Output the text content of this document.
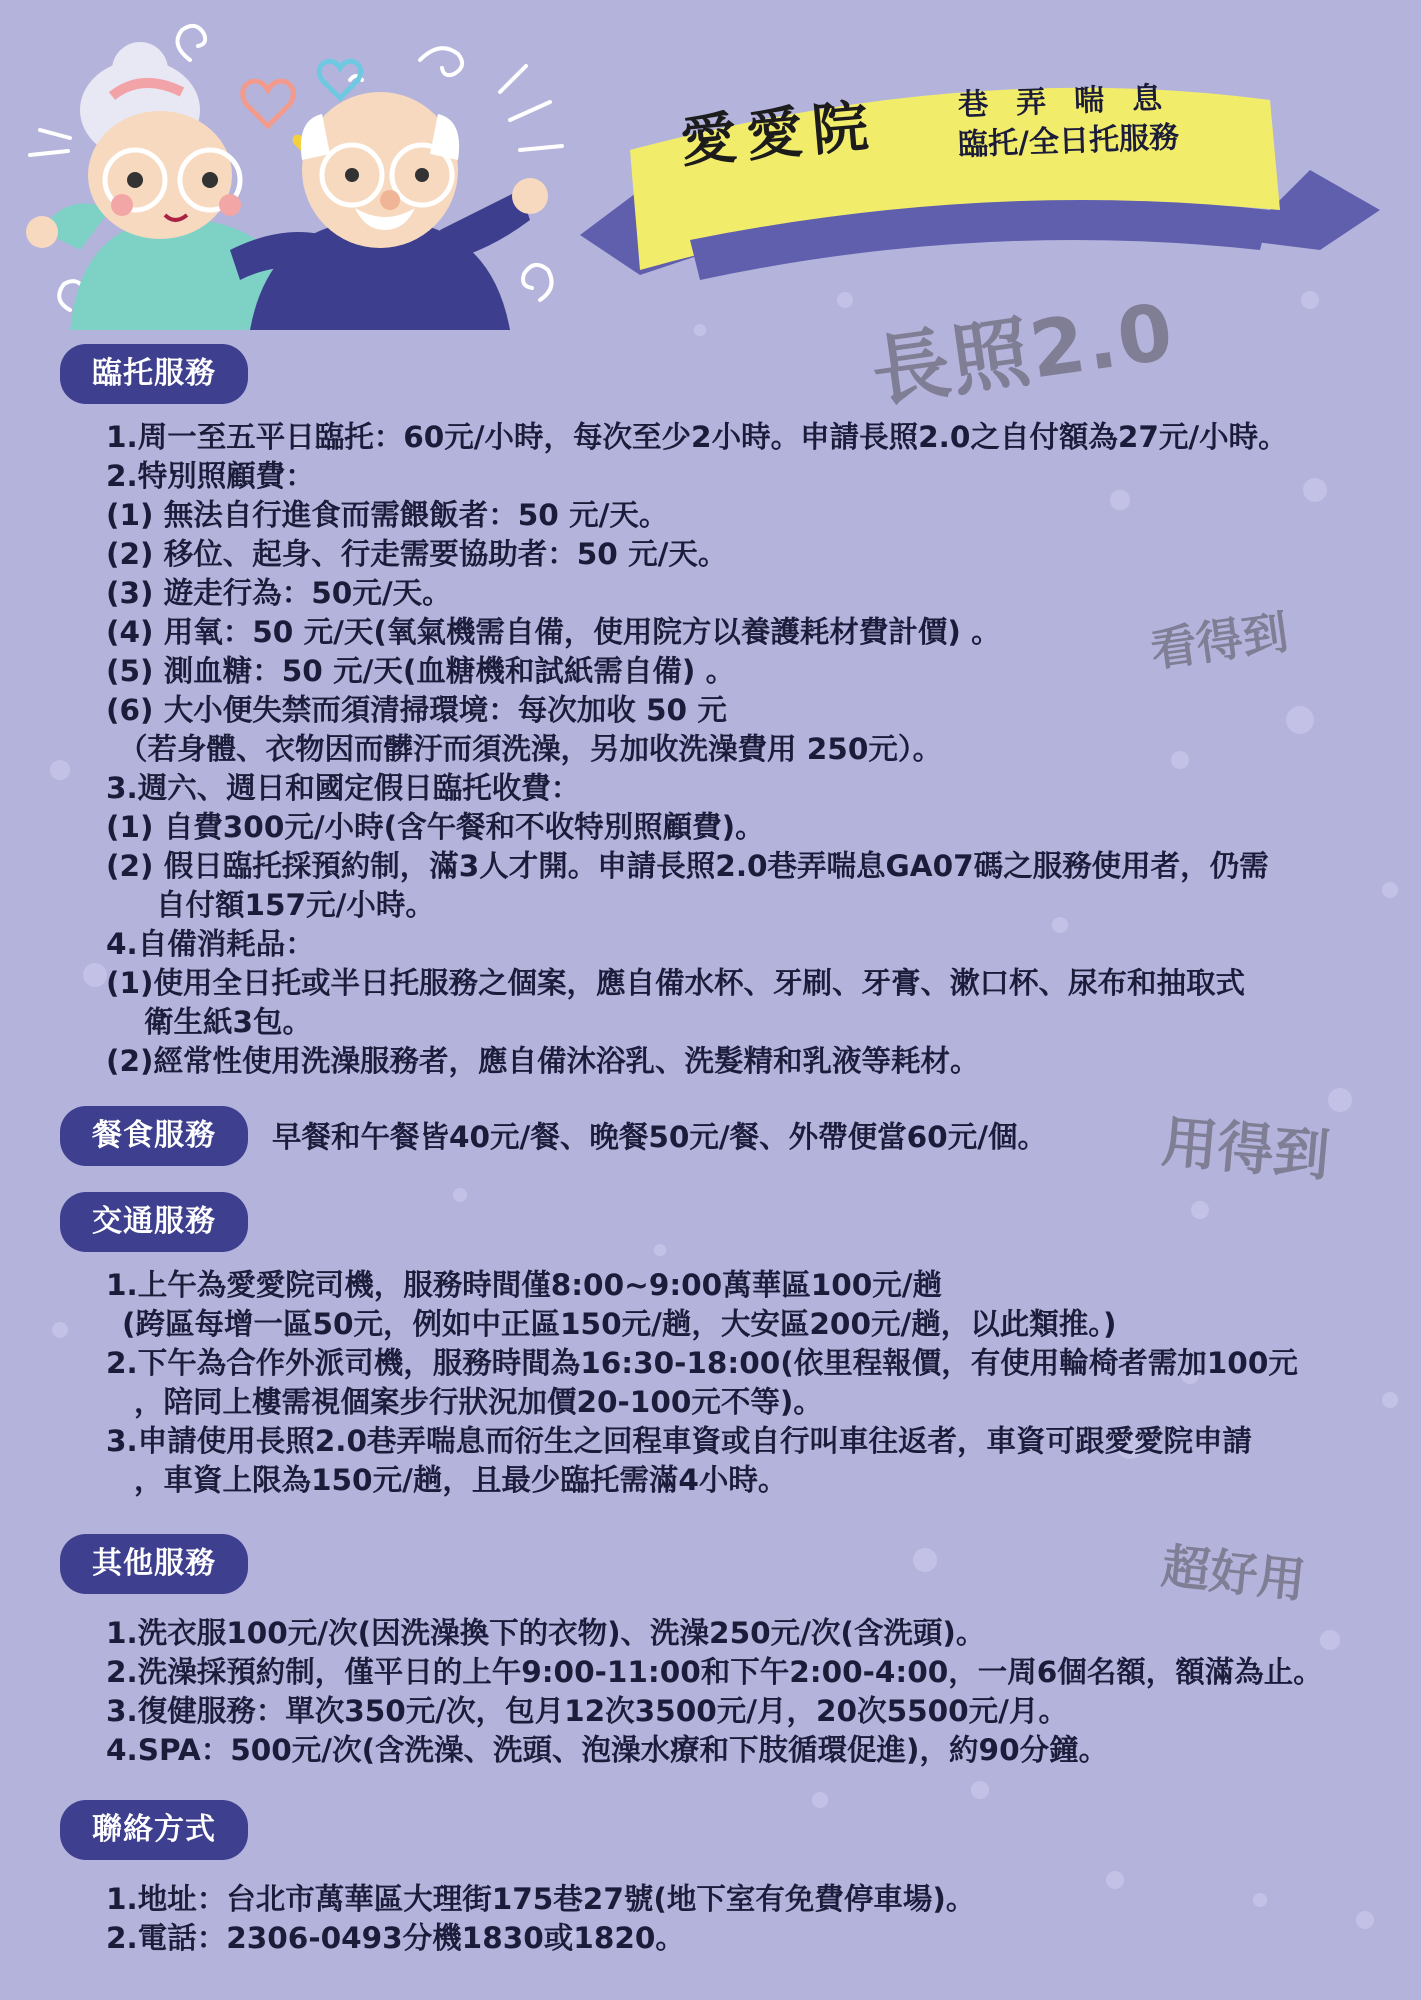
愛愛院	巷弄喘息
臨托/全日托服務
長照2.0
看得到
用得到
超好用
臨托服務
1.周一至五平日臨托：60元/小時，每次至少2小時。申請長照2.0之自付額為27元/小時。
2.特別照顧費：
(1) 無法自行進食而需餵飯者：50 元/天。
(2) 移位、起身、行走需要協助者：50 元/天。
(3) 遊走行為：50元/天。
(4) 用氧：50 元/天(氧氣機需自備，使用院方以養護耗材費計價) 。
(5) 測血糖：50 元/天(血糖機和試紙需自備) 。
(6) 大小便失禁而須清掃環境：每次加收 50 元
（若身體、衣物因而髒汙而須洗澡，另加收洗澡費用 250元）。
3.週六、週日和國定假日臨托收費：
(1) 自費300元/小時(含午餐和不收特別照顧費)。
(2) 假日臨托採預約制，滿3人才開。申請長照2.0巷弄喘息GA07碼之服務使用者，仍需
自付額157元/小時。
4.自備消耗品：
(1)使用全日托或半日托服務之個案，應自備水杯、牙刷、牙膏、漱口杯、尿布和抽取式
衛生紙3包。
(2)經常性使用洗澡服務者，應自備沐浴乳、洗髮精和乳液等耗材。
餐食服務	早餐和午餐皆40元/餐、晚餐50元/餐、外帶便當60元/個。
交通服務
1.上午為愛愛院司機，服務時間僅8:00~9:00萬華區100元/趟
(跨區每增一區50元，例如中正區150元/趟，大安區200元/趟，以此類推。)
2.下午為合作外派司機，服務時間為16:30-18:00(依里程報價，有使用輪椅者需加100元
，陪同上樓需視個案步行狀況加價20-100元不等)。
3.申請使用長照2.0巷弄喘息而衍生之回程車資或自行叫車往返者，車資可跟愛愛院申請
，車資上限為150元/趟，且最少臨托需滿4小時。
其他服務
1.洗衣服100元/次(因洗澡換下的衣物)、洗澡250元/次(含洗頭)。
2.洗澡採預約制，僅平日的上午9:00-11:00和下午2:00-4:00，一周6個名額，額滿為止。
3.復健服務：單次350元/次，包月12次3500元/月，20次5500元/月。
4.SPA：500元/次(含洗澡、洗頭、泡澡水療和下肢循環促進)，約90分鐘。
聯絡方式
1.地址：台北市萬華區大理街175巷27號(地下室有免費停車場)。
2.電話：2306-0493分機1830或1820。
